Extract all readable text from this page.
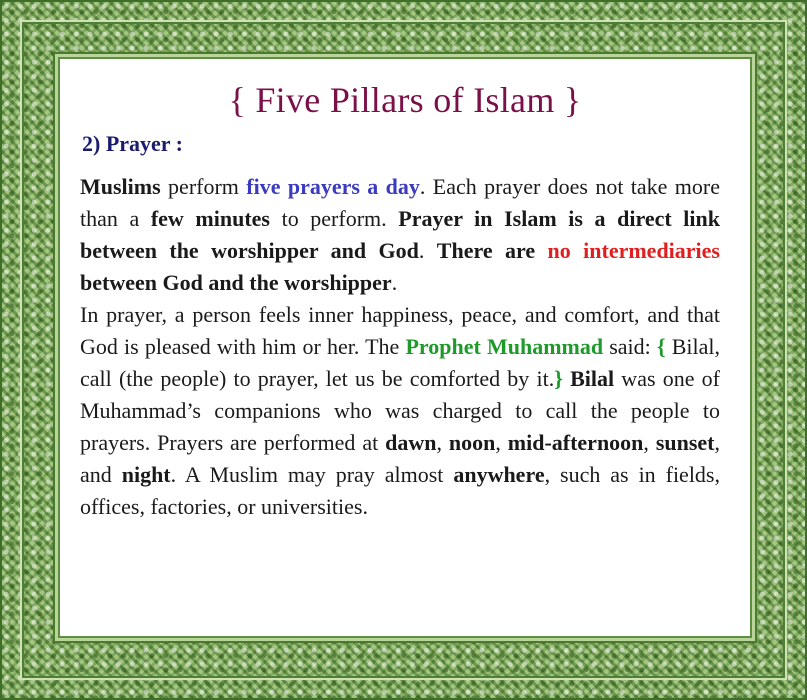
{ Five Pillars of Islam }
2) Prayer :

Muslims perform five prayers a day. Each prayer does not take more than a few minutes to perform. Prayer in Islam is a direct link between the worshipper and God. There are no intermediaries between God and the worshipper.

In prayer, a person feels inner happiness, peace, and comfort, and that God is pleased with him or her. The Prophet Muhammad said: { Bilal, call (the people) to prayer, let us be comforted by it.} Bilal was one of Muhammad’s companions who was charged to call the people to prayers. Prayers are performed at dawn, noon, mid-afternoon, sunset, and night. A Muslim may pray almost anywhere, such as in fields, offices, factories, or universities.
